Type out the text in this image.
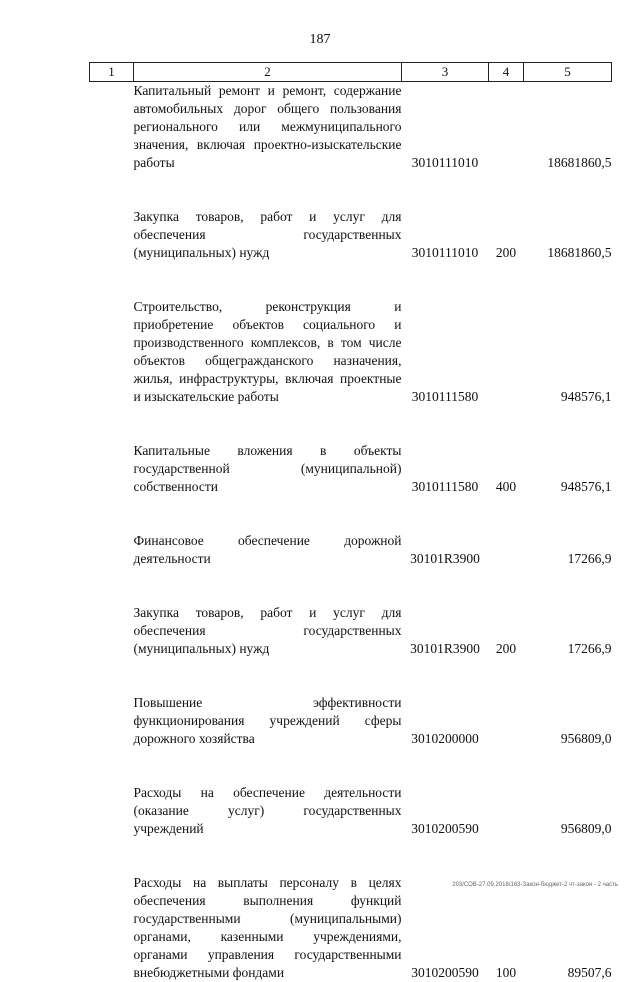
187
1	2	3	4	5
	Капитальный ремонт и ремонт, содержание автомобильных дорог общего пользования регионального или межмуниципального значения, включая проектно-изыскательские работы	3010111010		18681860,5
	Закупка товаров, работ и услуг для обеспечения государственных (муниципальных) нужд	3010111010	200	18681860,5
	Строительство, реконструкция и приобретение объектов социального и производственного комплексов, в том числе объектов общегражданского назначения, жилья, инфраструктуры, включая проектные и изыскательские работы	3010111580		948576,1
	Капитальные вложения в объекты государственной (муниципальной) собственности	3010111580	400	948576,1
	Финансовое обеспечение дорожной деятельности	30101R3900		17266,9
	Закупка товаров, работ и услуг для обеспечения государственных (муниципальных) нужд	30101R3900	200	17266,9
	Повышение эффективности функционирования учреждений сферы дорожного хозяйства	3010200000		956809,0
	Расходы на обеспечение деятельности (оказание услуг) государственных учреждений	3010200590		956809,0
	Расходы на выплаты персоналу в целях обеспечения выполнения функций государственными (муниципальными) органами, казенными учреждениями, органами управления государственными внебюджетными фондами	3010200590	100	89507,6
203/СОВ-27.09.2018/163-Закон-бюджет-2 чт-закон - 2 часть
